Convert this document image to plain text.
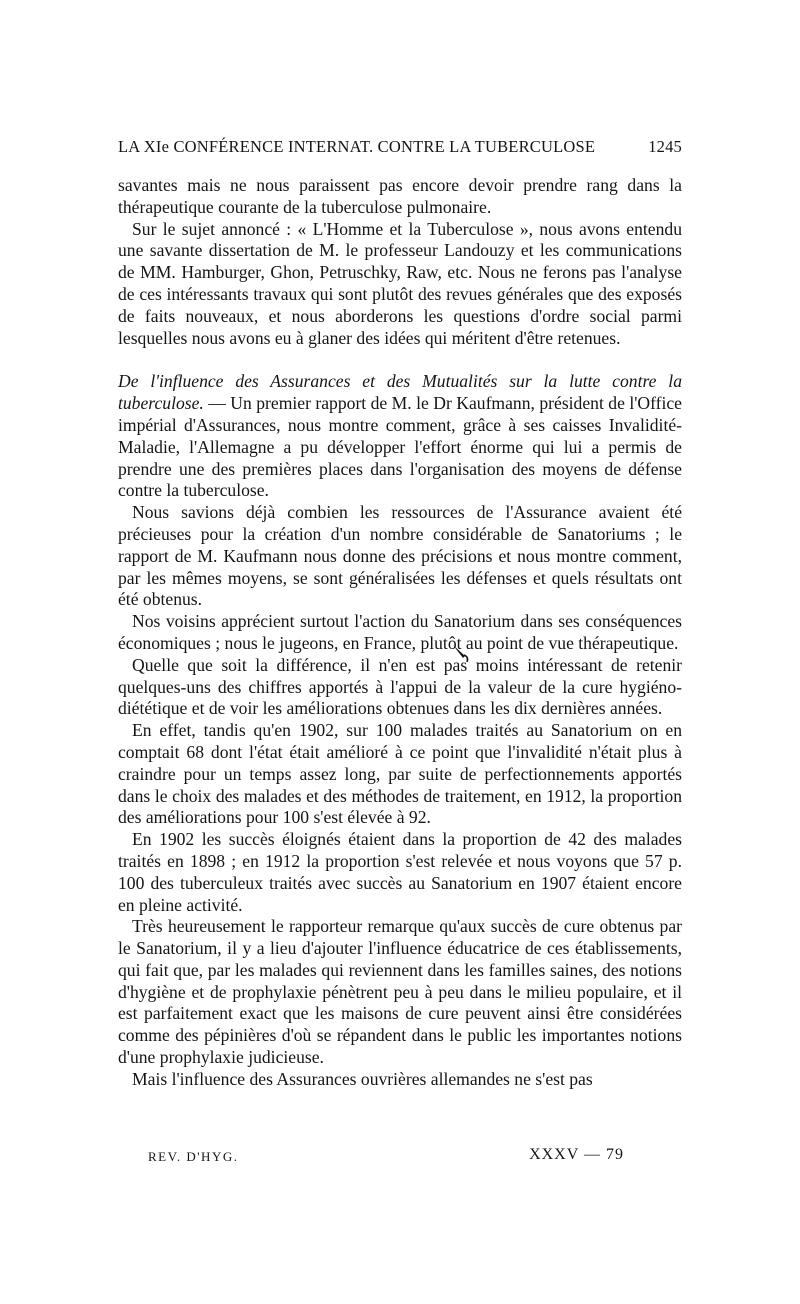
LA XIe CONFÉRENCE INTERNAT. CONTRE LA TUBERCULOSE	1245

savantes mais ne nous paraissent pas encore devoir prendre rang dans la thérapeutique courante de la tuberculose pulmonaire.

Sur le sujet annoncé : « L'Homme et la Tuberculose », nous avons entendu une savante dissertation de M. le professeur Landouzy et les communications de MM. Hamburger, Ghon, Petruschky, Raw, etc. Nous ne ferons pas l'analyse de ces intéressants travaux qui sont plutôt des revues générales que des exposés de faits nouveaux, et nous aborderons les questions d'ordre social parmi lesquelles nous avons eu à glaner des idées qui méritent d'être retenues.

De l'influence des Assurances et des Mutualités sur la lutte contre la tuberculose. — Un premier rapport de M. le Dr Kaufmann, président de l'Office impérial d'Assurances, nous montre comment, grâce à ses caisses Invalidité-Maladie, l'Allemagne a pu développer l'effort énorme qui lui a permis de prendre une des premières places dans l'organisation des moyens de défense contre la tuberculose.

Nous savions déjà combien les ressources de l'Assurance avaient été précieuses pour la création d'un nombre considérable de Sanatoriums ; le rapport de M. Kaufmann nous donne des précisions et nous montre comment, par les mêmes moyens, se sont généralisées les défenses et quels résultats ont été obtenus.

Nos voisins apprécient surtout l'action du Sanatorium dans ses conséquences économiques ; nous le jugeons, en France, plutôt au point de vue thérapeutique.

Quelle que soit la différence, il n'en est pas moins intéressant de retenir quelques-uns des chiffres apportés à l'appui de la valeur de la cure hygiéno-diététique et de voir les améliorations obtenues dans les dix dernières années.

En effet, tandis qu'en 1902, sur 100 malades traités au Sanatorium on en comptait 68 dont l'état était amélioré à ce point que l'invalidité n'était plus à craindre pour un temps assez long, par suite de perfectionnements apportés dans le choix des malades et des méthodes de traitement, en 1912, la proportion des améliorations pour 100 s'est élevée à 92.

En 1902 les succès éloignés étaient dans la proportion de 42 des malades traités en 1898 ; en 1912 la proportion s'est relevée et nous voyons que 57 p. 100 des tuberculeux traités avec succès au Sanatorium en 1907 étaient encore en pleine activité.

Très heureusement le rapporteur remarque qu'aux succès de cure obtenus par le Sanatorium, il y a lieu d'ajouter l'influence éducatrice de ces établissements, qui fait que, par les malades qui reviennent dans les familles saines, des notions d'hygiène et de prophylaxie pénètrent peu à peu dans le milieu populaire, et il est parfaitement exact que les maisons de cure peuvent ainsi être considérées comme des pépinières d'où se répandent dans le public les importantes notions d'une prophylaxie judicieuse.

Mais l'influence des Assurances ouvrières allemandes ne s'est pas

REV. D'HYG.	XXXV — 79
